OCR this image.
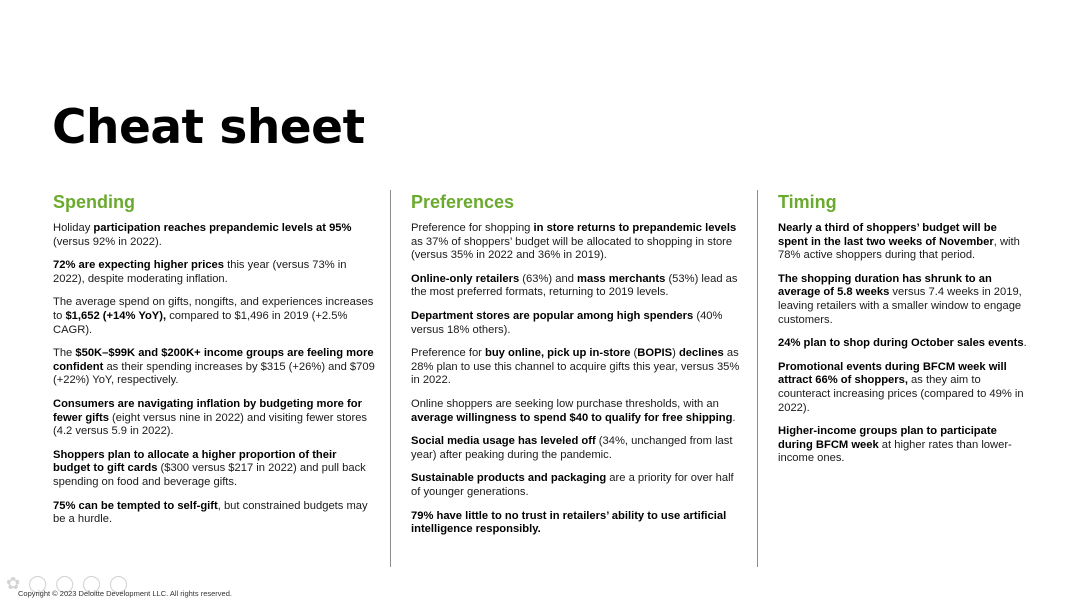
Cheat sheet
Spending

Holiday participation reaches prepandemic levels at 95% (versus 92% in 2022).

72% are expecting higher prices this year (versus 73% in 2022), despite moderating inflation.

The average spend on gifts, nongifts, and experiences increases to $1,652 (+14% YoY), compared to $1,496 in 2019 (+2.5% CAGR).

The $50K–$99K and $200K+ income groups are feeling more confident as their spending increases by $315 (+26%) and $709 (+22%) YoY, respectively.

Consumers are navigating inflation by budgeting more for fewer gifts (eight versus nine in 2022) and visiting fewer stores (4.2 versus 5.9 in 2022).

Shoppers plan to allocate a higher proportion of their budget to gift cards ($300 versus $217 in 2022) and pull back spending on food and beverage gifts.

75% can be tempted to self-gift, but constrained budgets may be a hurdle.

Preferences

Preference for shopping in store returns to prepandemic levels as 37% of shoppers’ budget will be allocated to shopping in store (versus 35% in 2022 and 36% in 2019).

Online-only retailers (63%) and mass merchants (53%) lead as the most preferred formats, returning to 2019 levels.

Department stores are popular among high spenders (40% versus 18% others).

Preference for buy online, pick up in-store (BOPIS) declines as 28% plan to use this channel to acquire gifts this year, versus 35% in 2022.

Online shoppers are seeking low purchase thresholds, with an average willingness to spend $40 to qualify for free shipping.

Social media usage has leveled off (34%, unchanged from last year) after peaking during the pandemic.

Sustainable products and packaging are a priority for over half of younger generations.

79% have little to no trust in retailers’ ability to use artificial intelligence responsibly.

Timing

Nearly a third of shoppers’ budget will be spent in the last two weeks of November, with 78% active shoppers during that period.

The shopping duration has shrunk to an average of 5.8 weeks versus 7.4 weeks in 2019, leaving retailers with a smaller window to engage customers.

24% plan to shop during October sales events.

Promotional events during BFCM week will attract 66% of shoppers, as they aim to counteract increasing prices (compared to 49% in 2022).

Higher-income groups plan to participate during BFCM week at higher rates than lower-income ones.

✿ ◯ ◯ ◯ ◯
Copyright © 2023 Deloitte Development LLC. All rights reserved.
